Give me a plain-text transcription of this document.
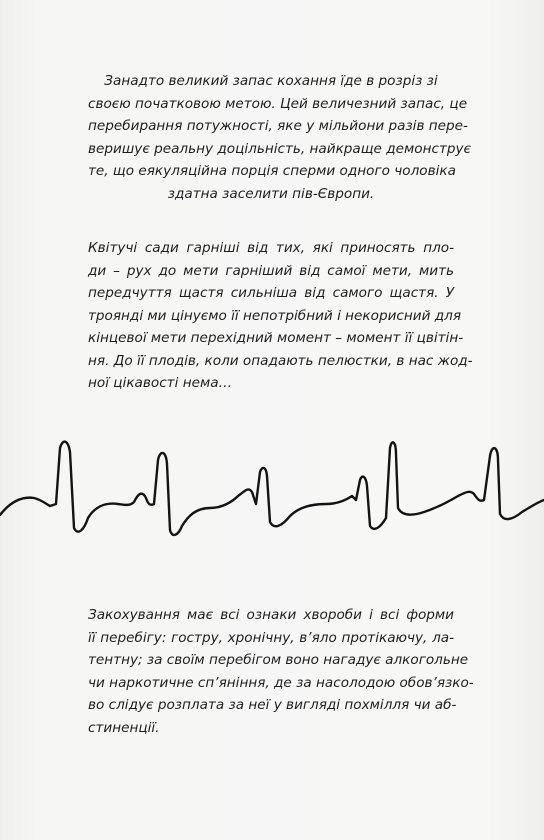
Занадто великий запас кохання їде в розріз зі
своєю початковою метою. Цей величезний запас, це
перебирання потужності, яке у мільйони разів пере-
веришує реальну доцільність, найкраще демонструє
те, що еякуляційна порція сперми одного чоловіка
здатна заселити пів-Європи.

Квітучі сади гарніші від тих, які приносять пло-
ди – рух до мети гарніший від самої мети, мить
передчуття щастя сильніша від самого щастя. У
троянді ми цінуємо її непотрібний і некорисний для
кінцевої мети перехідний момент – момент її цвітін-
ня. До її плодів, коли опадають пелюстки, в нас жод-
ної цікавості нема…

Закохування має всі ознаки хвороби і всі форми
її перебігу: гостру, хронічну, в’яло протікаючу, ла-
тентну; за своїм перебігом воно нагадує алкогольне
чи наркотичне сп’яніння, де за насолодою обов’язко-
во слідує розплата за неї у вигляді похмілля чи аб-
стиненції.
